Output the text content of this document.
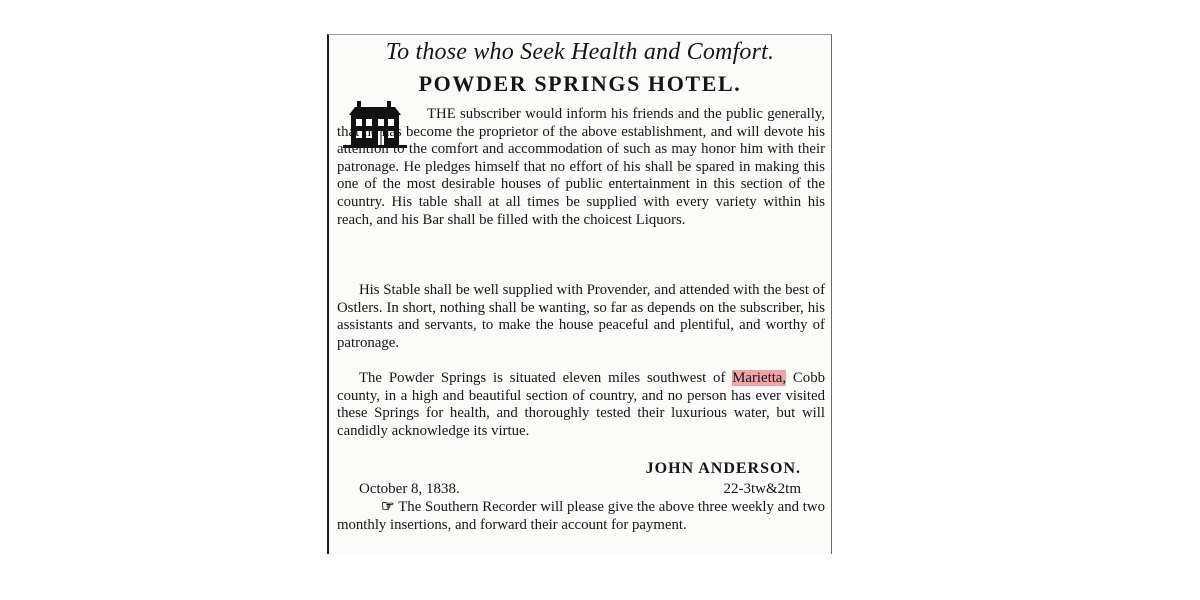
To those who Seek Health and Comfort.
POWDER SPRINGS HOTEL.

THE subscriber would inform his friends and the public generally, that he has become the proprietor of the above establishment, and will devote his attention to the comfort and accommodation of such as may honor him with their patronage. He pledges himself that no effort of his shall be spared in making this one of the most desirable houses of public entertainment in this section of the country. His table shall at all times be supplied with every variety within his reach, and his Bar shall be filled with the choicest Liquors.

His Stable shall be well supplied with Provender, and attended with the best of Ostlers. In short, nothing shall be wanting, so far as depends on the subscriber, his assistants and servants, to make the house peaceful and plentiful, and worthy of patronage.

The Powder Springs is situated eleven miles southwest of Marietta, Cobb county, in a high and beautiful section of country, and no person has ever visited these Springs for health, and thoroughly tested their luxurious water, but will candidly acknowledge its virtue.

JOHN ANDERSON.
October 8, 1838.	22-3tw&2tm

☞ The Southern Recorder will please give the above three weekly and two monthly insertions, and forward their account for payment.
